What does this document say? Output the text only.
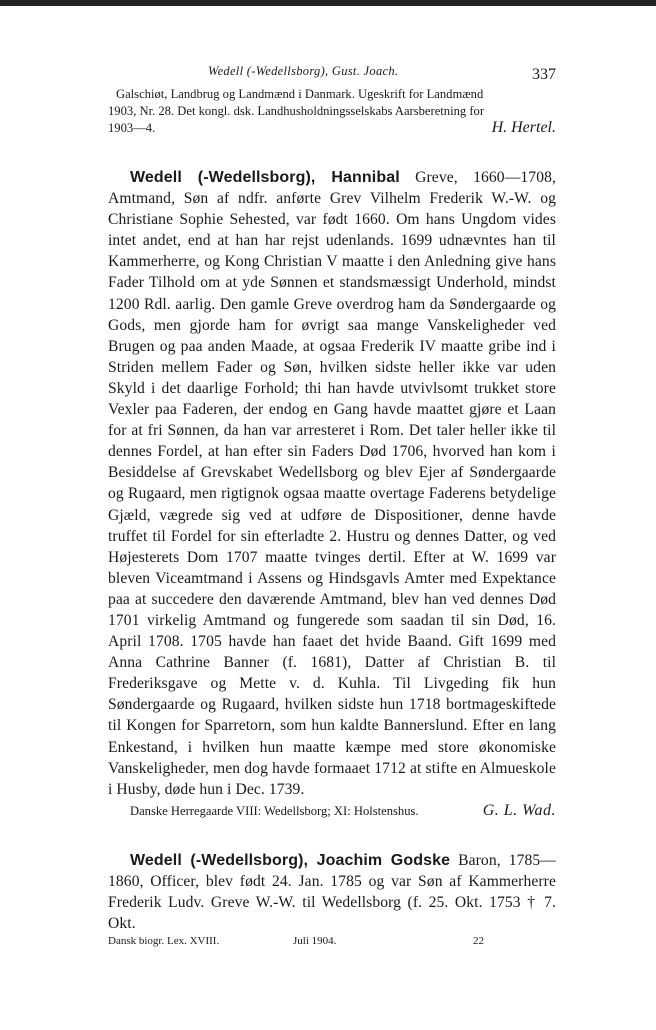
Wedell (-Wedellsborg), Gust. Joach.	337
Galschiøt, Landbrug og Landmænd i Danmark. Ugeskrift for Landmænd
1903, Nr. 28. Det kongl. dsk. Landhusholdningsselskabs Aarsberetning for
1903—4.	H. Hertel.
Wedell (-Wedellsborg), Hannibal Greve, 1660—1708, Amtmand, Søn af ndfr. anførte Grev Vilhelm Frederik W.-W. og Christiane Sophie Sehested, var født 1660. Om hans Ungdom vides intet andet, end at han har rejst udenlands. 1699 udnævntes han til Kammerherre, og Kong Christian V maatte i den Anledning give hans Fader Tilhold om at yde Sønnen et standsmæssigt Underhold, mindst 1200 Rdl. aarlig. Den gamle Greve overdrog ham da Søndergaarde og Gods, men gjorde ham for øvrigt saa mange Vanskeligheder ved Brugen og paa anden Maade, at ogsaa Frederik IV maatte gribe ind i Striden mellem Fader og Søn, hvilken sidste heller ikke var uden Skyld i det daarlige Forhold; thi han havde utvivlsomt trukket store Vexler paa Faderen, der endog en Gang havde maattet gjøre et Laan for at fri Sønnen, da han var arresteret i Rom. Det taler heller ikke til dennes Fordel, at han efter sin Faders Død 1706, hvorved han kom i Besiddelse af Grevskabet Wedellsborg og blev Ejer af Søndergaarde og Rugaard, men rigtignok ogsaa maatte overtage Faderens betydelige Gjæld, vægrede sig ved at udføre de Dispositioner, denne havde truffet til Fordel for sin efterladte 2. Hustru og dennes Datter, og ved Højesterets Dom 1707 maatte tvinges dertil. Efter at W. 1699 var bleven Viceamtmand i Assens og Hindsgavls Amter med Expektance paa at succedere den daværende Amtmand, blev han ved dennes Død 1701 virkelig Amtmand og fungerede som saadan til sin Død, 16. April 1708. 1705 havde han faaet det hvide Baand. Gift 1699 med Anna Cathrine Banner (f. 1681), Datter af Christian B. til Frederiksgave og Mette v. d. Kuhla. Til Livgeding fik hun Søndergaarde og Rugaard, hvilken sidste hun 1718 bortmageskiftede til Kongen for Sparretorn, som hun kaldte Bannerslund. Efter en lang Enkestand, i hvilken hun maatte kæmpe med store økonomiske Vanskeligheder, men dog havde formaaet 1712 at stifte en Almueskole i Husby, døde hun i Dec. 1739.
Danske Herregaarde VIII: Wedellsborg; XI: Holstenshus.	G. L. Wad.
Wedell (-Wedellsborg), Joachim Godske Baron, 1785—1860, Officer, blev født 24. Jan. 1785 og var Søn af Kammerherre Frederik Ludv. Greve W.-W. til Wedellsborg (f. 25. Okt. 1753 † 7. Okt.
Dansk biogr. Lex. XVIII.	Juli 1904.	22
